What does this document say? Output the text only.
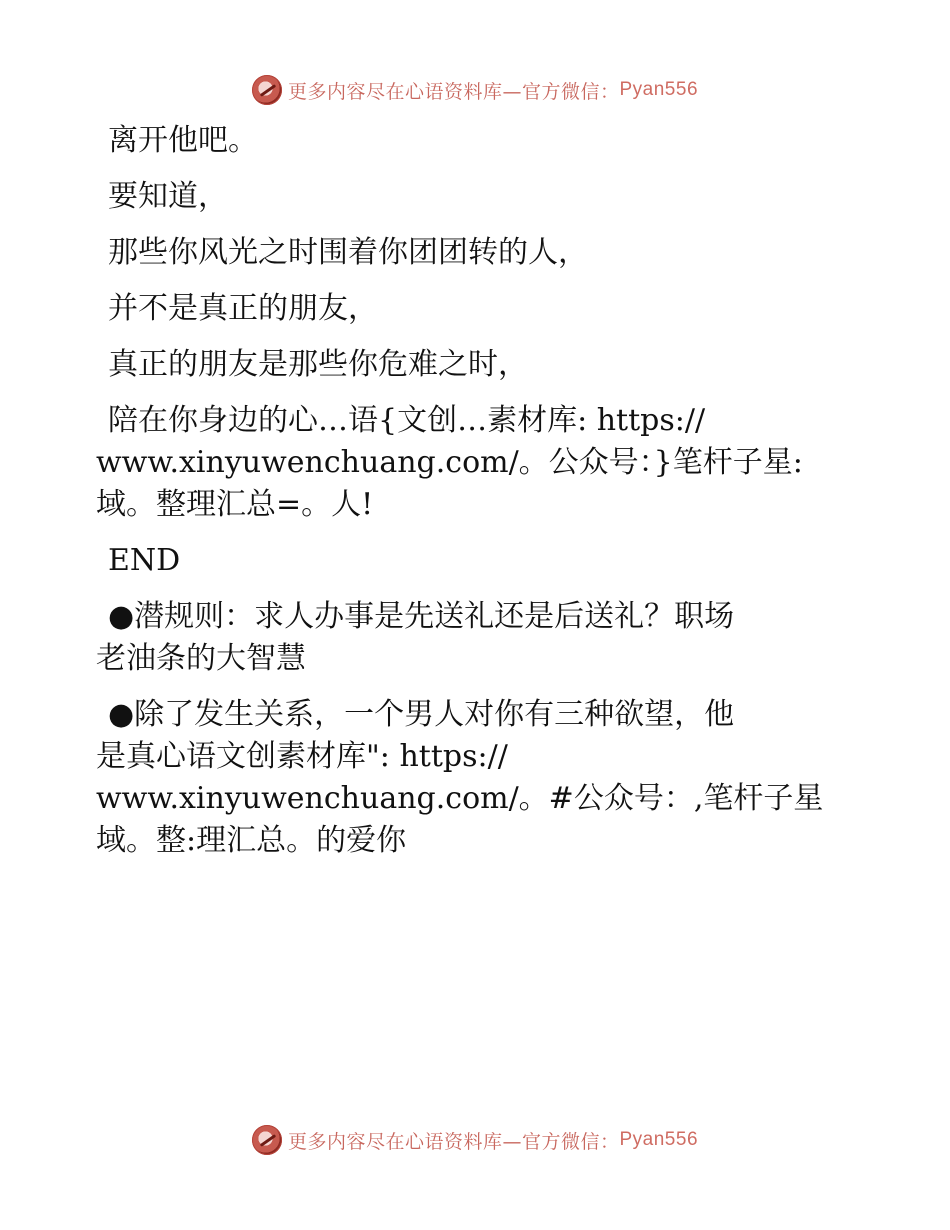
更多内容尽在心语资料库—官方微信： Pyan556
离开他吧。
要知道，
那些你风光之时围着你团团转的人，
并不是真正的朋友，
真正的朋友是那些你危难之时，
陪在你身边的心…语{文创…素材库: https://
www.xinyuwenchuang.com/。公众号：}笔杆子星:
域。整理汇总=。人!
END
●潜规则：求人办事是先送礼还是后送礼？职场
老油条的大智慧
●除了发生关系，一个男人对你有三种欲望，他
是真心语文创素材库": https://
www.xinyuwenchuang.com/。#公众号：,笔杆子星
域。整:理汇总。的爱你
更多内容尽在心语资料库—官方微信： Pyan556
